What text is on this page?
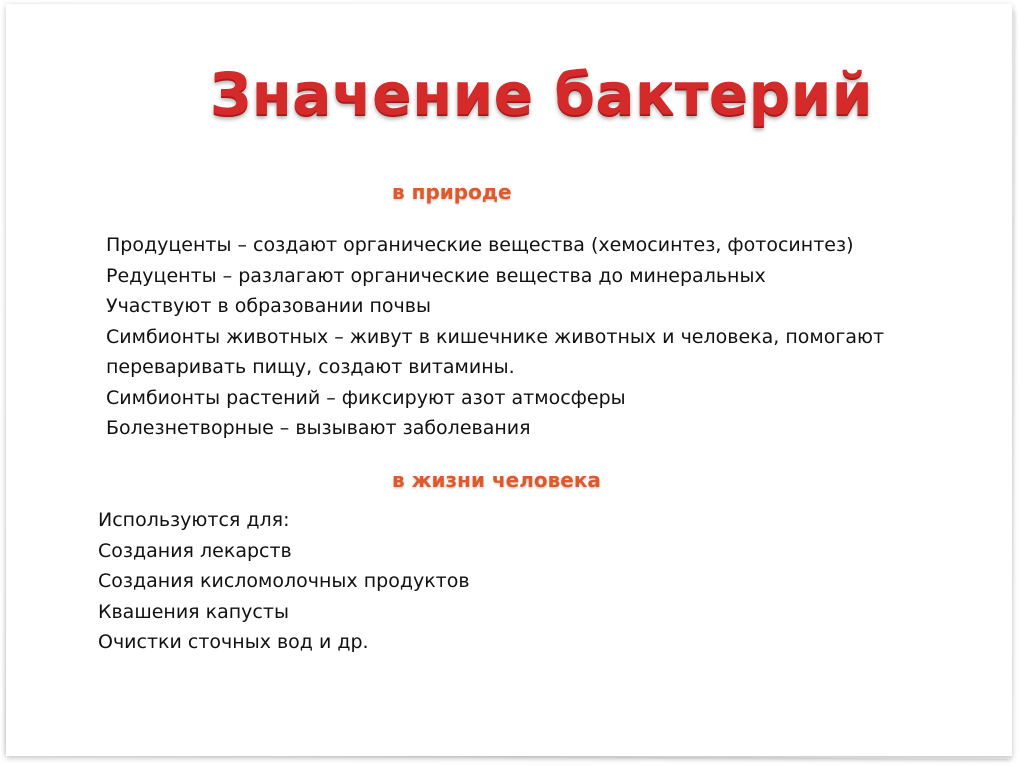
Значение бактерий
в природе
Продуценты – создают органические вещества (хемосинтез, фотосинтез)
Редуценты – разлагают органические вещества до минеральных
Участвуют в образовании почвы
Симбионты животных – живут в кишечнике животных и человека, помогают
переваривать пищу, создают витамины.
Симбионты растений – фиксируют азот атмосферы
Болезнетворные – вызывают заболевания
в жизни человека
Используются для:
Создания лекарств
Создания кисломолочных продуктов
Квашения капусты
Очистки сточных вод и др.
